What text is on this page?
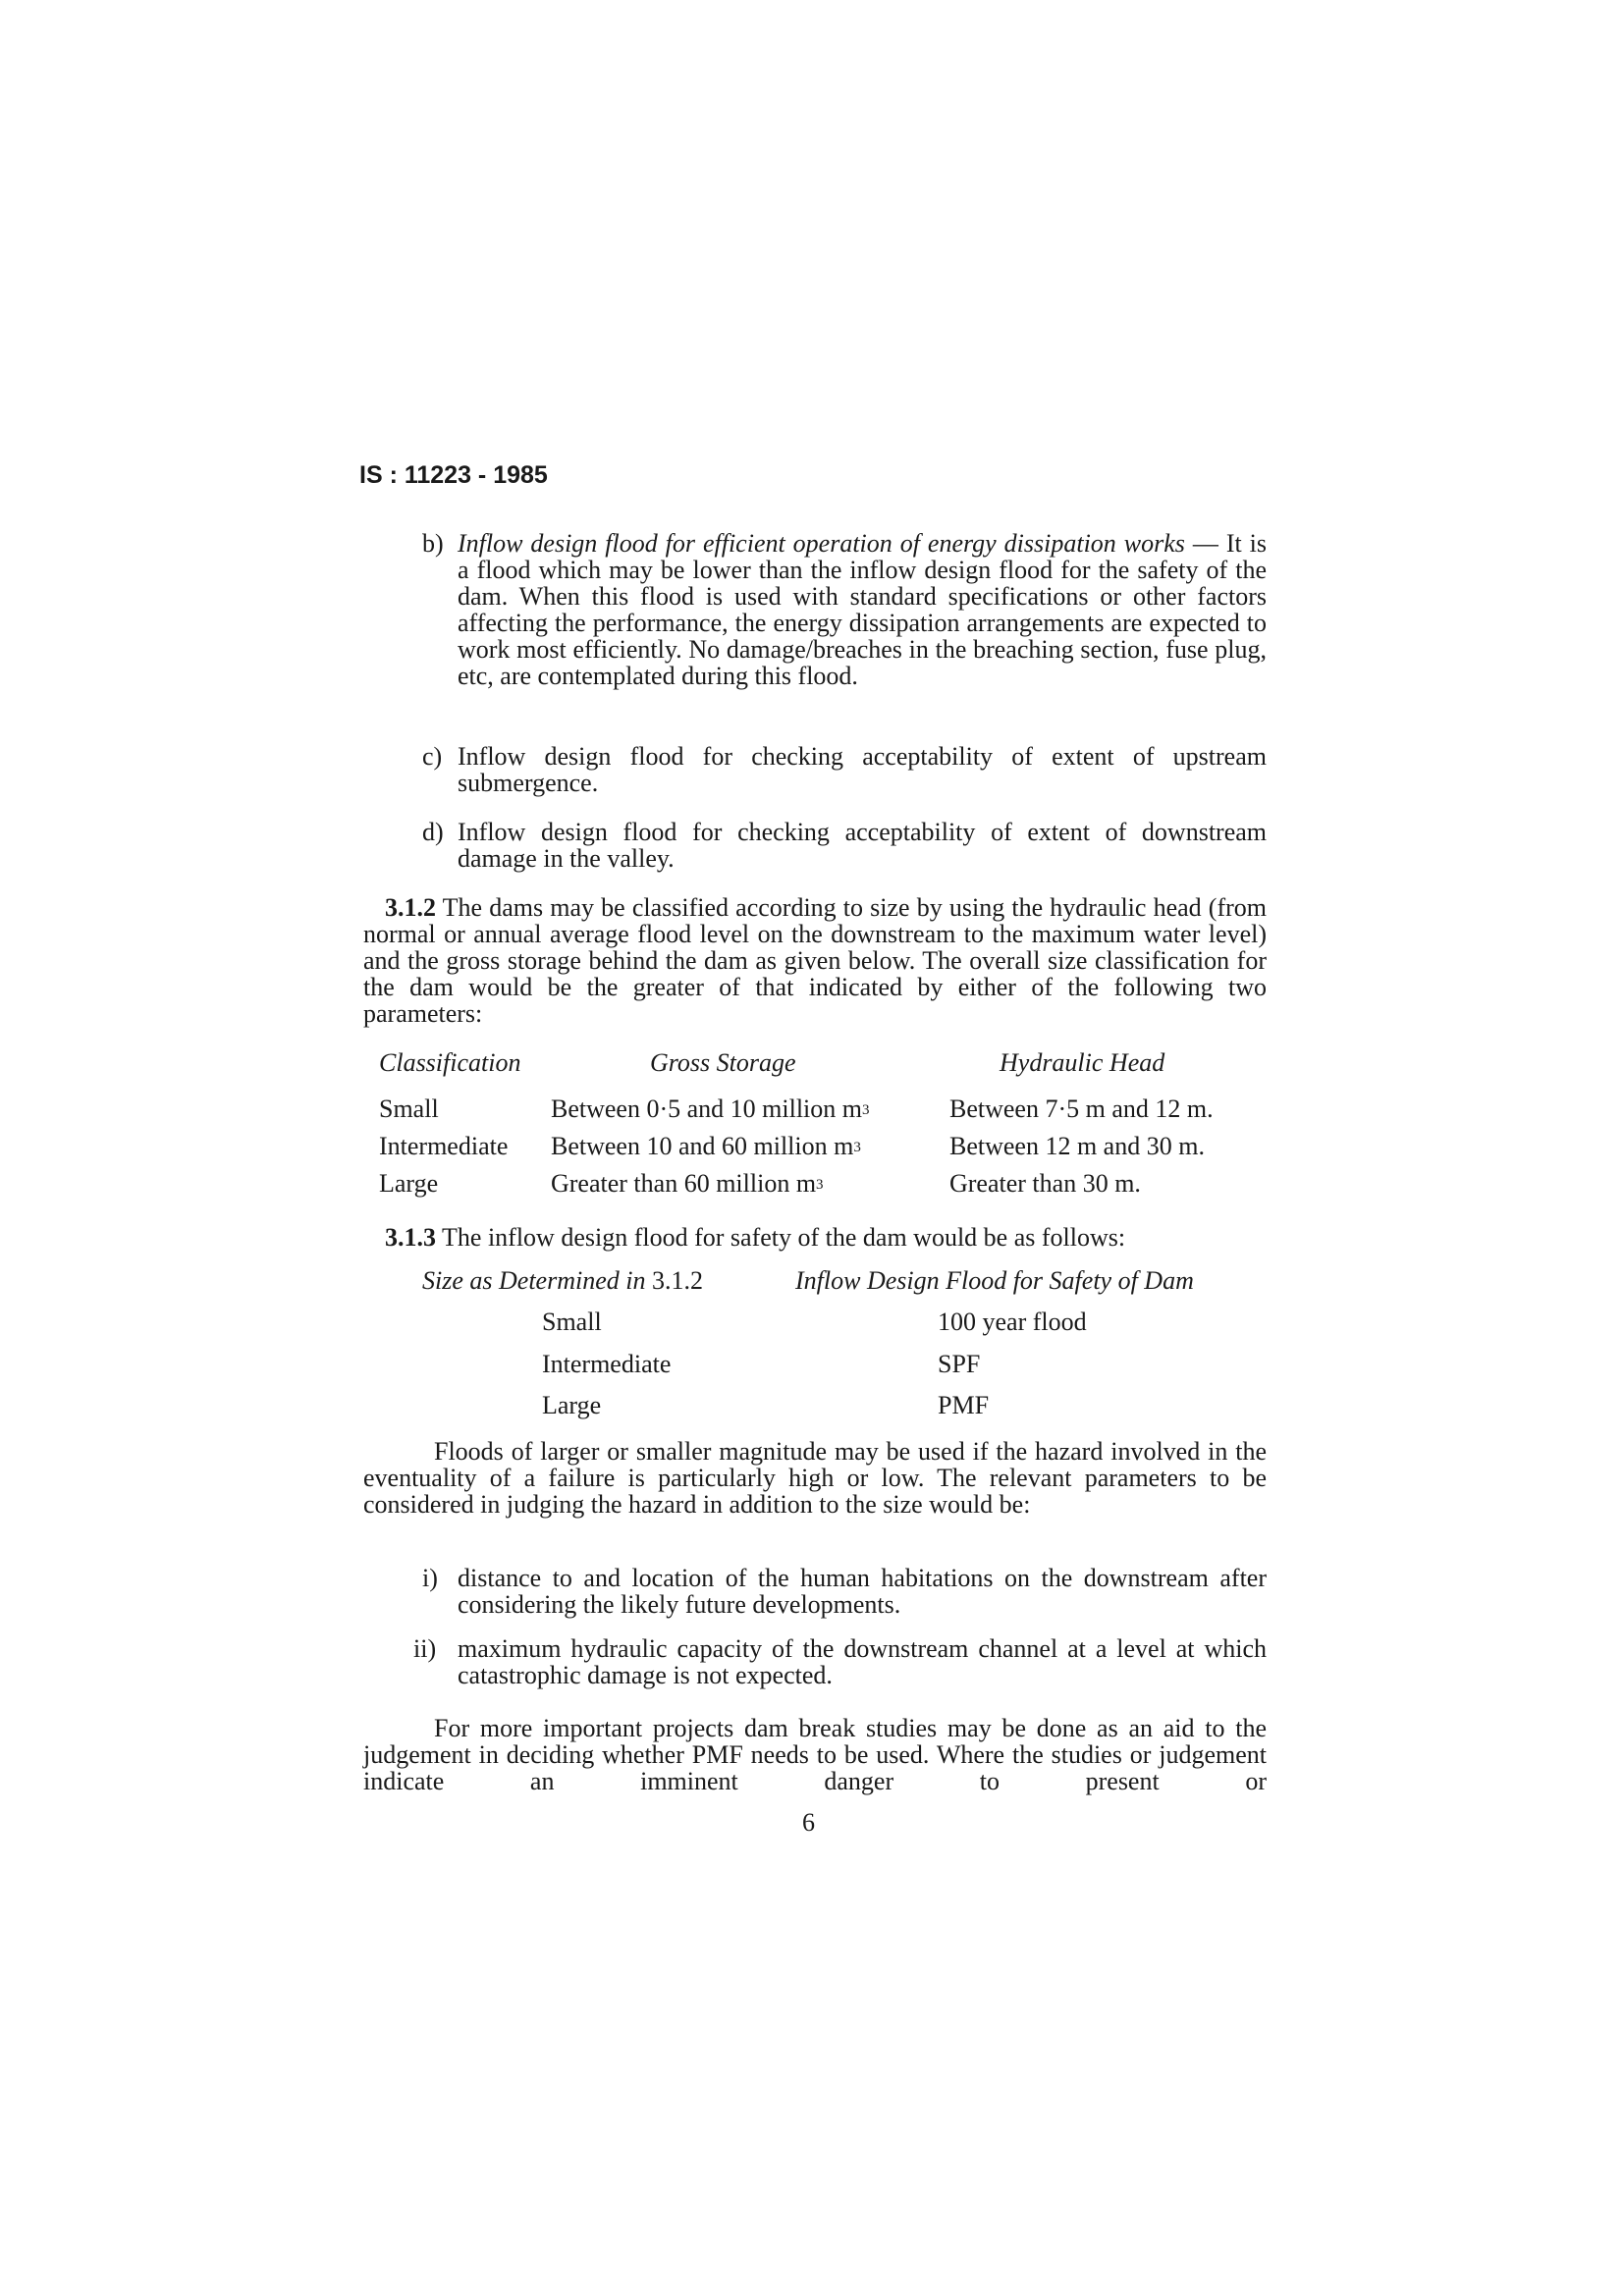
IS : 11223 - 1985
b) Inflow design flood for efficient operation of energy dissipation works — It is a flood which may be lower than the inflow design flood for the safety of the dam. When this flood is used with standard specifications or other factors affecting the performance, the energy dissipation arrangements are expected to work most efficiently. No damage/breaches in the breaching section, fuse plug, etc, are contemplated during this flood.
c) Inflow design flood for checking acceptability of extent of upstream submergence.
d) Inflow design flood for checking acceptability of extent of downstream damage in the valley.
3.1.2 The dams may be classified according to size by using the hydraulic head (from normal or annual average flood level on the downstream to the maximum water level) and the gross storage behind the dam as given below. The overall size classification for the dam would be the greater of that indicated by either of the following two parameters:
Classification	Gross Storage	Hydraulic Head
Small	Between 0·5 and 10 million $m^3$	Between 7·5 m and 12 m.
Intermediate Between 10 and 60 million $m^3$	Between 12 m and 30 m.
Large	Greater than 60 million $m^3$	Greater than 30 m.
3.1.3 The inflow design flood for safety of the dam would be as follows:
Size as Determined in 3.1.2	Inflow Design Flood for Safety of Dam
Small	100 year flood
Intermediate	SPF
Large	PMF
Floods of larger or smaller magnitude may be used if the hazard involved in the eventuality of a failure is particularly high or low. The relevant parameters to be considered in judging the hazard in addition to the size would be:
i) distance to and location of the human habitations on the downstream after considering the likely future developments.
ii) maximum hydraulic capacity of the downstream channel at a level at which catastrophic damage is not expected.
For more important projects dam break studies may be done as an aid to the judgement in deciding whether PMF needs to be used. Where the studies or judgement indicate an imminent danger to present or
6
